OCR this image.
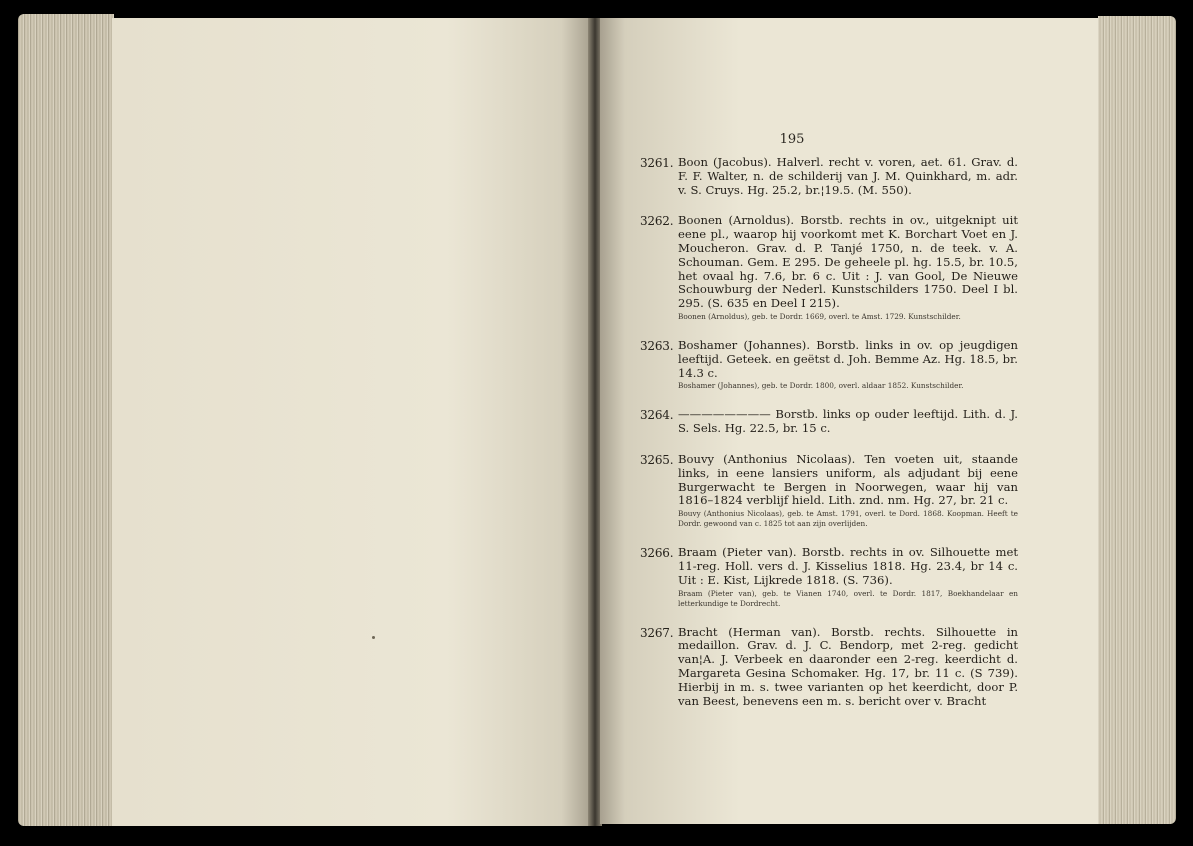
195
3261. Boon (Jacobus). Halverl. recht v. voren, aet. 61. Grav. d. F. F. Walter, n. de schilderij van J. M. Quinkhard, m. adr. v. S. Cruys. Hg. 25.2, br.¦19.5. (M. 550).
3262. Boonen (Arnoldus). Borstb. rechts in ov., uitgeknipt uit eene pl., waarop hij voorkomt met K. Borchart Voet en J. Moucheron. Grav. d. P. Tanjé 1750, n. de teek. v. A. Schouman. Gem. E 295. De geheele pl. hg. 15.5, br. 10.5, het ovaal hg. 7.6, br. 6 c. Uit : J. van Gool, De Nieuwe Schouwburg der Nederl. Kunstschilders 1750. Deel I bl. 295. (S. 635 en Deel I 215).
Boonen (Arnoldus), geb. te Dordr. 1669, overl. te Amst. 1729. Kunstschilder.
3263. Boshamer (Johannes). Borstb. links in ov. op jeugdigen leeftijd. Geteek. en geëtst d. Joh. Bemme Az. Hg. 18.5, br. 14.3 c.
Boshamer (Johannes), geb. te Dordr. 1800, overl. aldaar 1852. Kunstschilder.
3264. ———————— Borstb. links op ouder leeftijd. Lith. d. J. S. Sels. Hg. 22.5, br. 15 c.
3265. Bouvy (Anthonius Nicolaas). Ten voeten uit, staande links, in eene lansiers uniform, als adjudant bij eene Burgerwacht te Bergen in Noorwegen, waar hij van 1816–1824 verblijf hield. Lith. znd. nm. Hg. 27, br. 21 c.
Bouvy (Anthonius Nicolaas), geb. te Amst. 1791, overl. te Dord. 1868. Koopman. Heeft te Dordr. gewoond van c. 1825 tot aan zijn overlijden.
3266. Braam (Pieter van). Borstb. rechts in ov. Silhouette met 11-reg. Holl. vers d. J. Kisselius 1818. Hg. 23.4, br 14 c. Uit : E. Kist, Lijkrede 1818. (S. 736).
Braam (Pieter van), geb. te Vianen 1740, overl. te Dordr. 1817, Boekhandelaar en letterkundige te Dordrecht.
3267. Bracht (Herman van). Borstb. rechts. Silhouette in medaillon. Grav. d. J. C. Bendorp, met 2-reg. gedicht van¦A. J. Verbeek en daaronder een 2-reg. keerdicht d. Margareta Gesina Schomaker. Hg. 17, br. 11 c. (S 739). Hierbij in m. s. twee varianten op het keerdicht, door P. van Beest, benevens een m. s. bericht over v. Bracht
